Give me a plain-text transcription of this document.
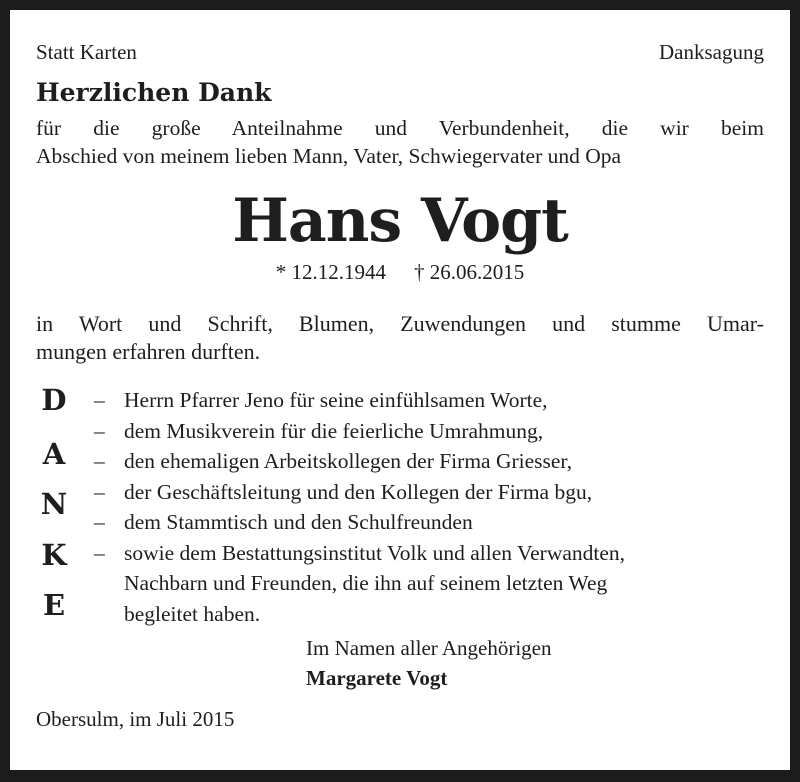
Statt Karten	Danksagung
Herzlichen Dank
für die große Anteilnahme und Verbundenheit, die wir beim
Abschied von meinem lieben Mann, Vater, Schwiegervater und Opa
Hans Vogt
* 12.12.1944 † 26.06.2015
in Wort und Schrift, Blumen, Zuwendungen und stumme Umar-
mungen erfahren durften.
D
A
N
K
E
– Herrn Pfarrer Jeno für seine einfühlsamen Worte,
– dem Musikverein für die feierliche Umrahmung,
– den ehemaligen Arbeitskollegen der Firma Griesser,
– der Geschäftsleitung und den Kollegen der Firma bgu,
– dem Stammtisch und den Schulfreunden
– sowie dem Bestattungsinstitut Volk und allen Verwandten,
Nachbarn und Freunden, die ihn auf seinem letzten Weg
begleitet haben.
Im Namen aller Angehörigen
Margarete Vogt
Obersulm, im Juli 2015
